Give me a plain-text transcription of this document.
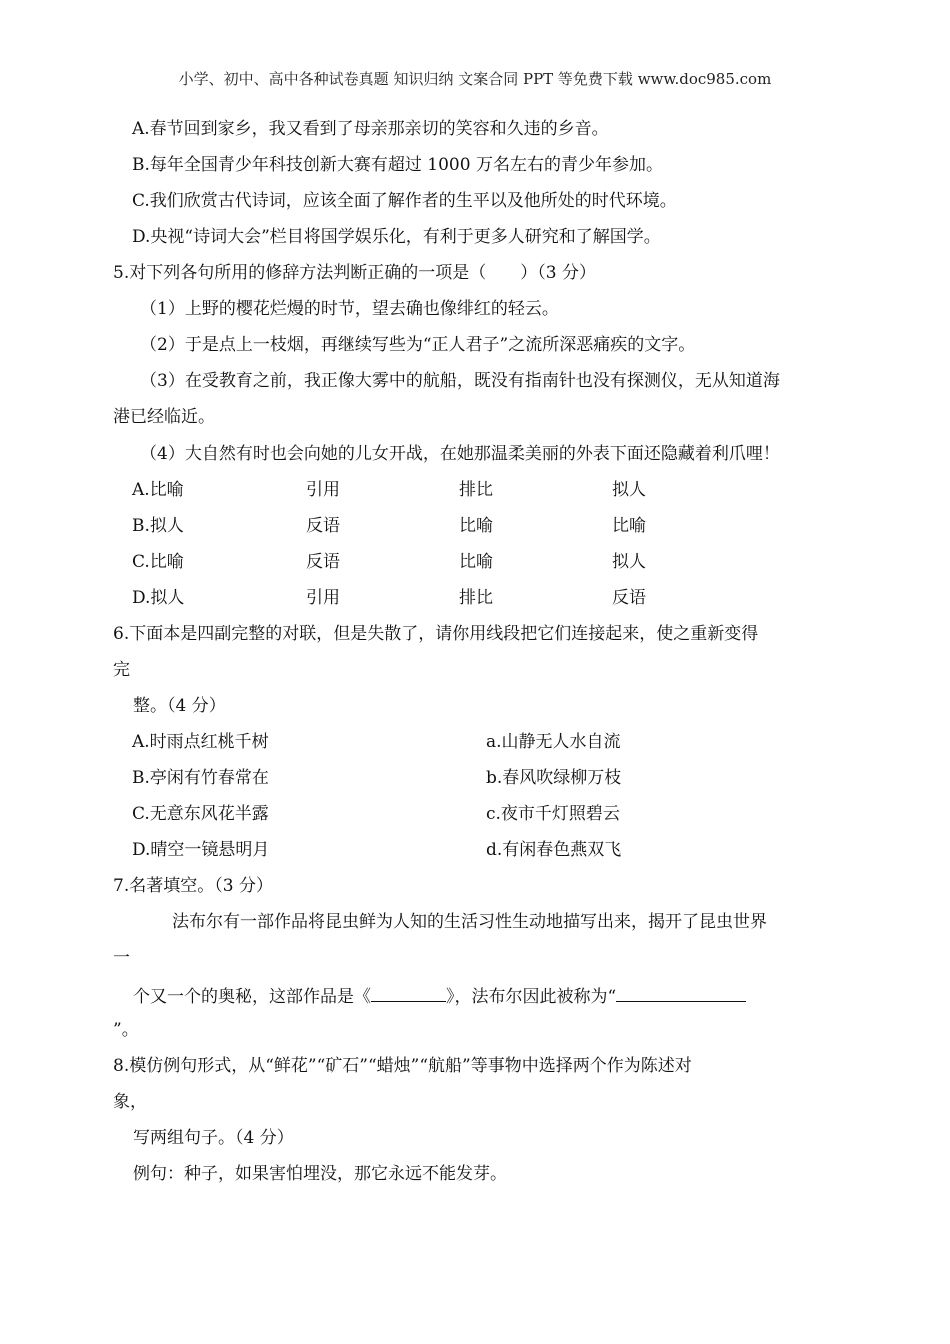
小学、初中、高中各种试卷真题 知识归纳 文案合同 PPT 等免费下载 www.doc985.com
A.春节回到家乡，我又看到了母亲那亲切的笑容和久违的乡音。
B.每年全国青少年科技创新大赛有超过 1000 万名左右的青少年参加。
C.我们欣赏古代诗词，应该全面了解作者的生平以及他所处的时代环境。
D.央视“诗词大会”栏目将国学娱乐化，有利于更多人研究和了解国学。
5.对下列各句所用的修辞方法判断正确的一项是（　　）（3 分）
（1）上野的樱花烂熳的时节，望去确也像绯红的轻云。
（2）于是点上一枝烟，再继续写些为“正人君子”之流所深恶痛疾的文字。
（3）在受教育之前，我正像大雾中的航船，既没有指南针也没有探测仪，无从知道海
港已经临近。
（4）大自然有时也会向她的儿女开战，在她那温柔美丽的外表下面还隐藏着利爪哩！
A.比喻	引用	排比	拟人
B.拟人	反语	比喻	比喻
C.比喻	反语	比喻	拟人
D.拟人	引用	排比	反语
6.下面本是四副完整的对联，但是失散了，请你用线段把它们连接起来，使之重新变得
完
整。（4 分）
A.时雨点红桃千树	a.山静无人水自流
B.亭闲有竹春常在	b.春风吹绿柳万枝
C.无意东风花半露	c.夜市千灯照碧云
D.晴空一镜悬明月	d.有闲春色燕双飞
7.名著填空。（3 分）
法布尔有一部作品将昆虫鲜为人知的生活习性生动地描写出来，揭开了昆虫世界
一
个又一个的奥秘，这部作品是《	》，法布尔因此被称为“
”。
8.模仿例句形式，从“鲜花”“矿石”“蜡烛”“航船”等事物中选择两个作为陈述对
象，
写两组句子。（4 分）
例句：种子，如果害怕埋没，那它永远不能发芽。
